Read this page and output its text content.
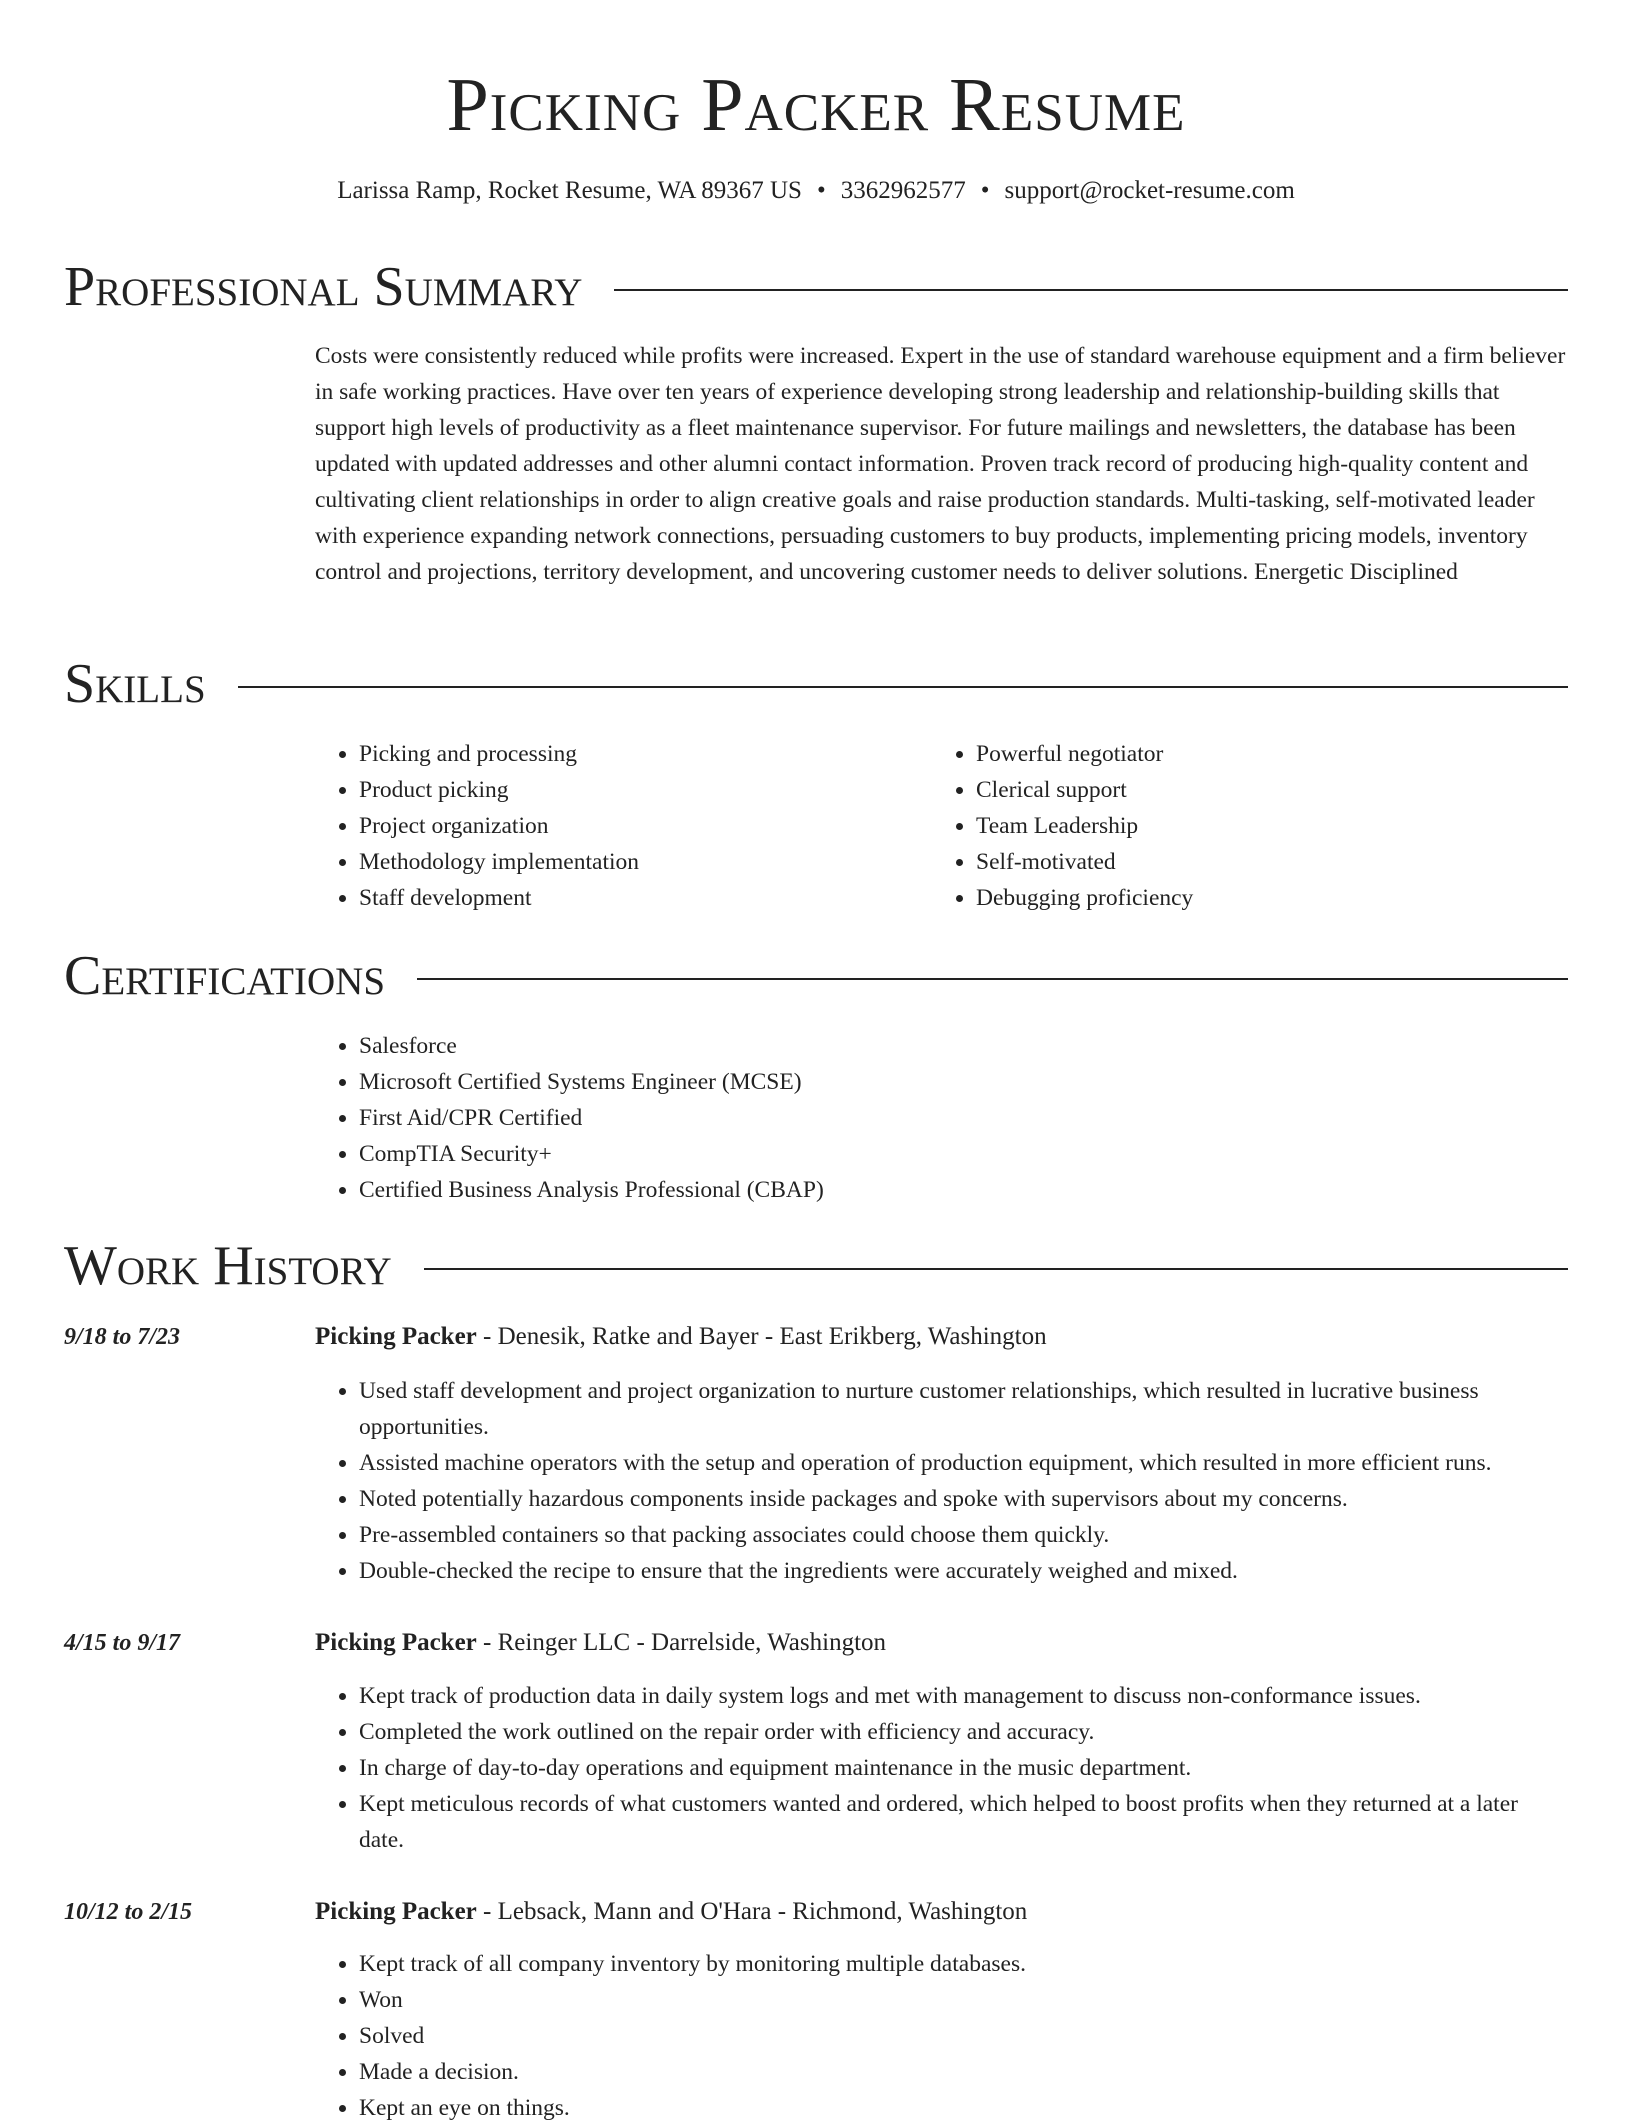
Picking Packer Resume
Larissa Ramp, Rocket Resume, WA 89367 US • 3362962577 • support@rocket-resume.com
Professional Summary
Costs were consistently reduced while profits were increased. Expert in the use of standard warehouse equipment and a firm believer in safe working practices. Have over ten years of experience developing strong leadership and relationship-building skills that support high levels of productivity as a fleet maintenance supervisor. For future mailings and newsletters, the database has been updated with updated addresses and other alumni contact information. Proven track record of producing high-quality content and cultivating client relationships in order to align creative goals and raise production standards. Multi-tasking, self-motivated leader with experience expanding network connections, persuading customers to buy products, implementing pricing models, inventory control and projections, territory development, and uncovering customer needs to deliver solutions. Energetic Disciplined
Skills
• Picking and processing
• Product picking
• Project organization
• Methodology implementation
• Staff development
• Powerful negotiator
• Clerical support
• Team Leadership
• Self-motivated
• Debugging proficiency
Certifications
• Salesforce
• Microsoft Certified Systems Engineer (MCSE)
• First Aid/CPR Certified
• CompTIA Security+
• Certified Business Analysis Professional (CBAP)
Work History
9/18 to 7/23	Picking Packer - Denesik, Ratke and Bayer - East Erikberg, Washington
• Used staff development and project organization to nurture customer relationships, which resulted in lucrative business opportunities.
• Assisted machine operators with the setup and operation of production equipment, which resulted in more efficient runs.
• Noted potentially hazardous components inside packages and spoke with supervisors about my concerns.
• Pre-assembled containers so that packing associates could choose them quickly.
• Double-checked the recipe to ensure that the ingredients were accurately weighed and mixed.
4/15 to 9/17	Picking Packer - Reinger LLC - Darrelside, Washington
• Kept track of production data in daily system logs and met with management to discuss non-conformance issues.
• Completed the work outlined on the repair order with efficiency and accuracy.
• In charge of day-to-day operations and equipment maintenance in the music department.
• Kept meticulous records of what customers wanted and ordered, which helped to boost profits when they returned at a later date.
10/12 to 2/15	Picking Packer - Lebsack, Mann and O'Hara - Richmond, Washington
• Kept track of all company inventory by monitoring multiple databases.
• Won
• Solved
• Made a decision.
• Kept an eye on things.
